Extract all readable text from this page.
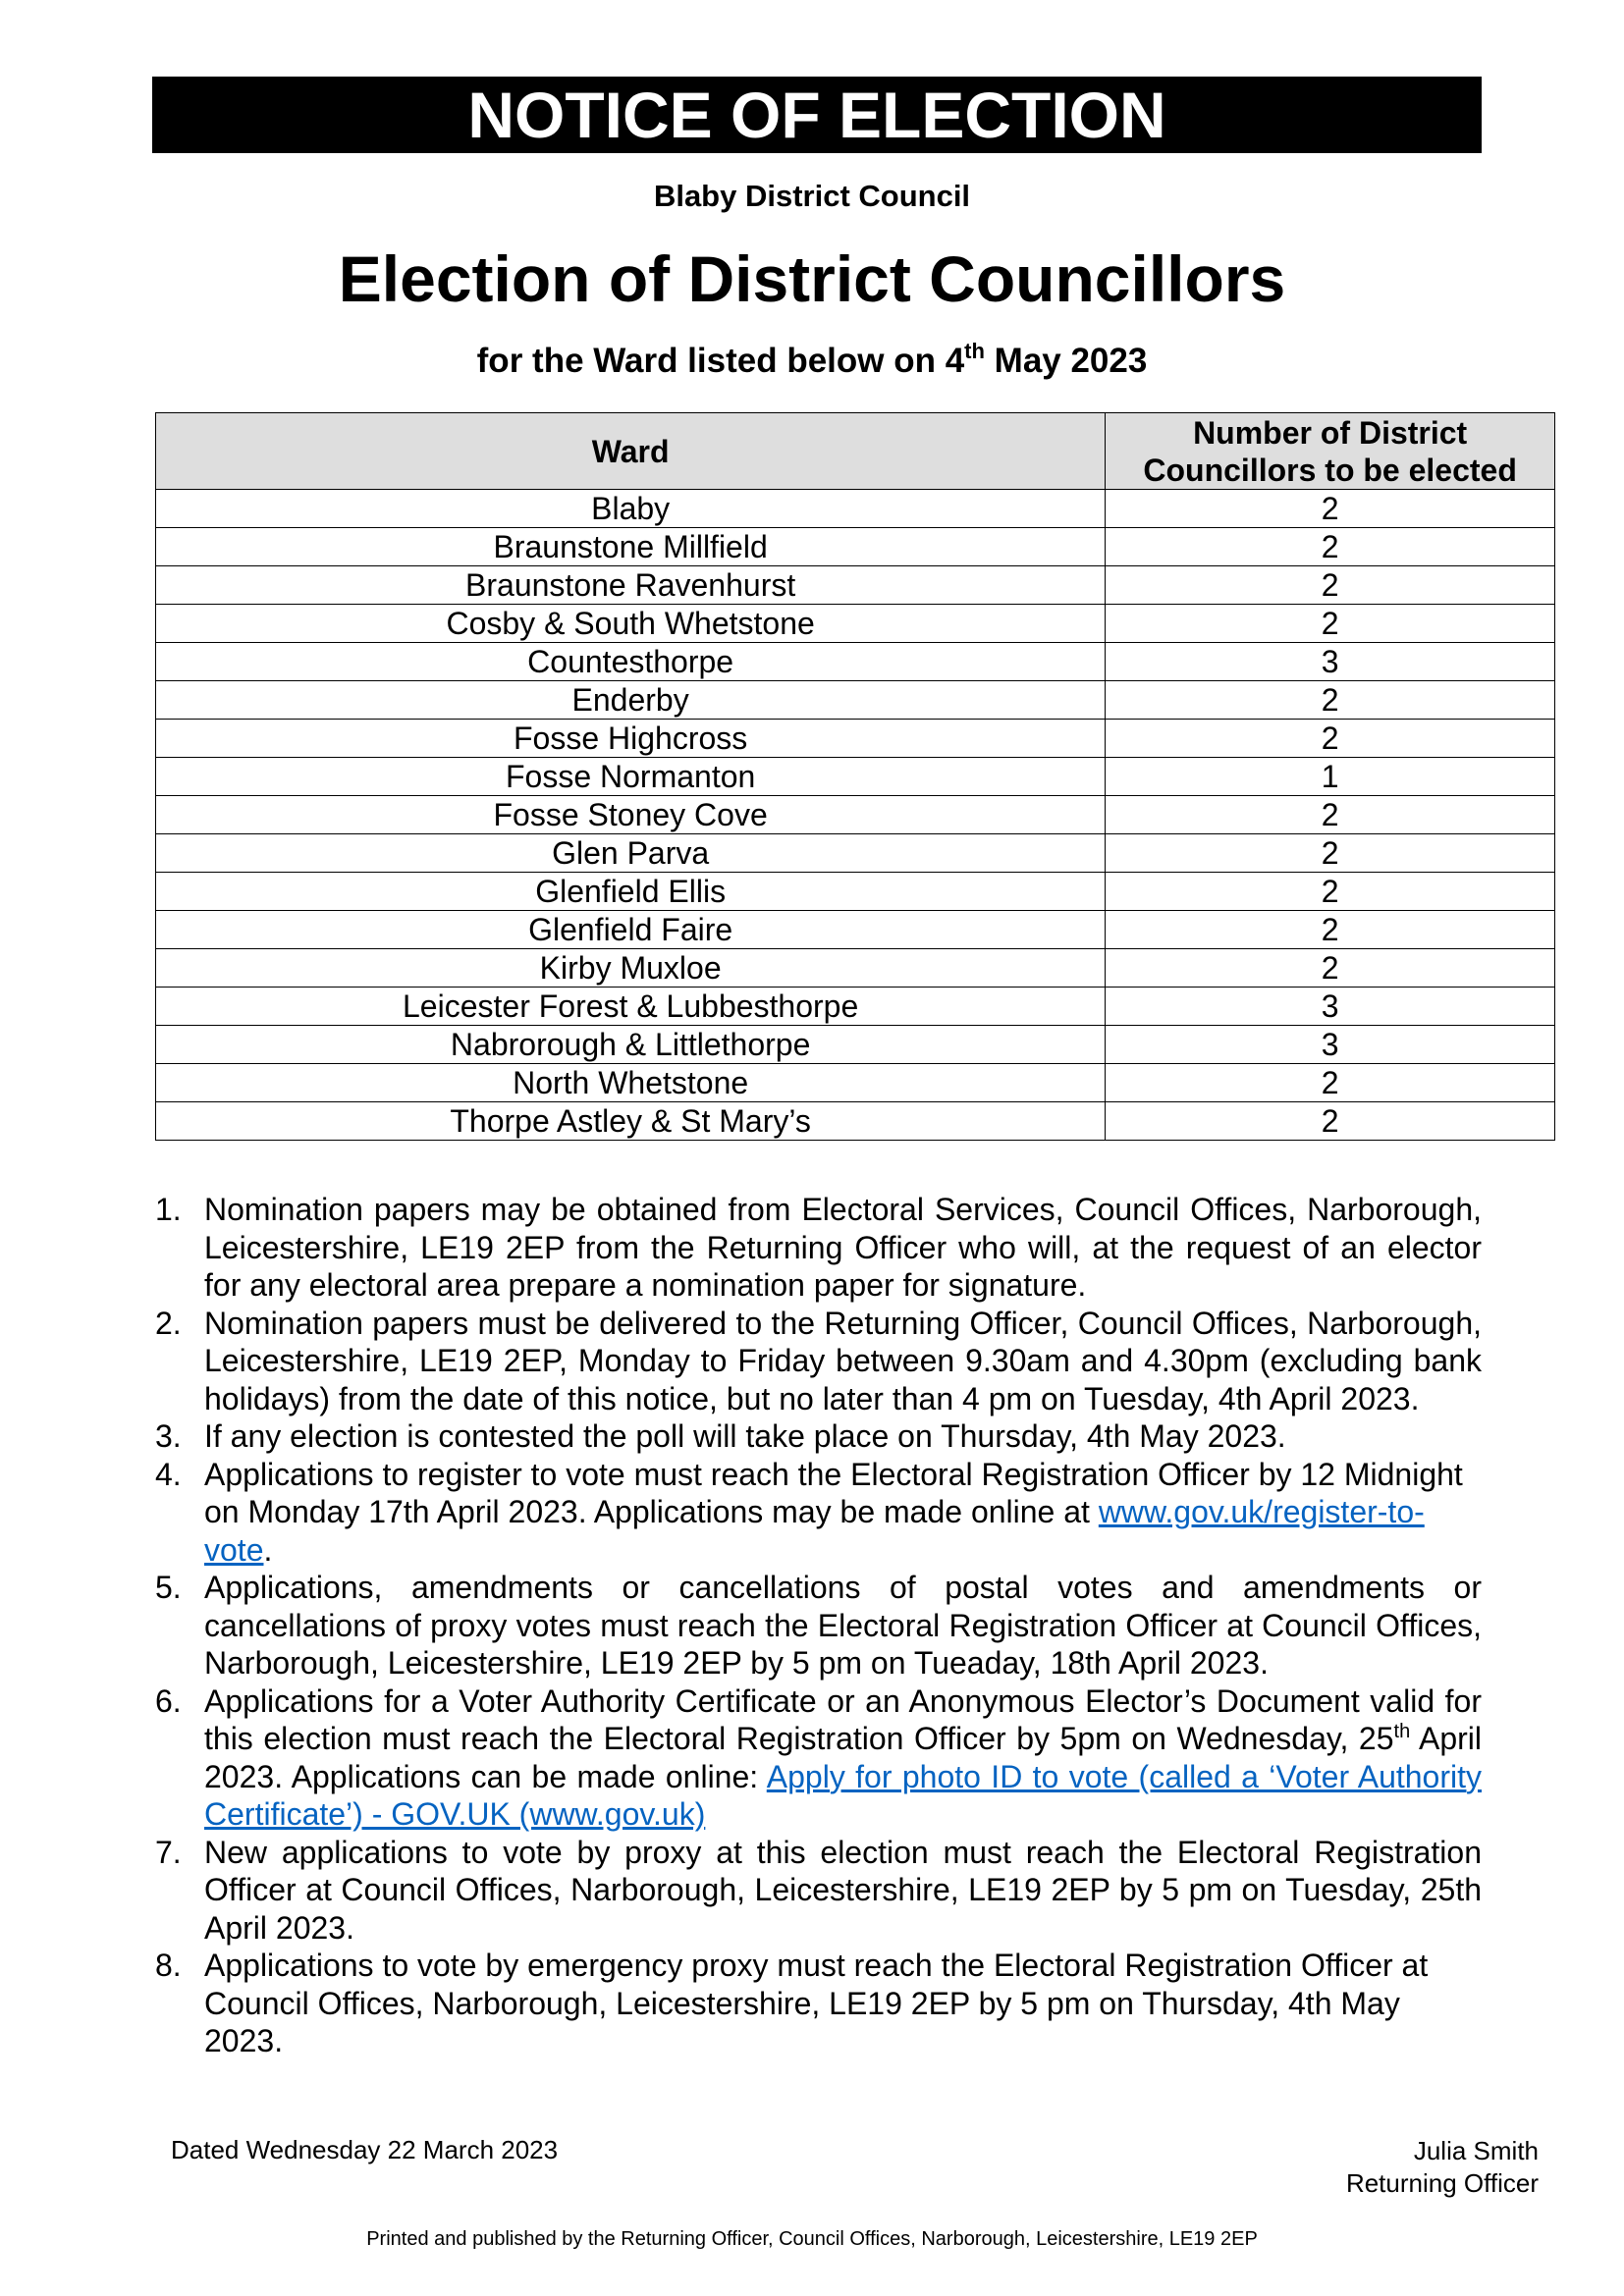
NOTICE OF ELECTION
Blaby District Council
Election of District Councillors
for the Ward listed below on 4th May 2023
Ward	Number of District Councillors to be elected
Blaby	2
Braunstone Millfield	2
Braunstone Ravenhurst	2
Cosby & South Whetstone	2
Countesthorpe	3
Enderby	2
Fosse Highcross	2
Fosse Normanton	1
Fosse Stoney Cove	2
Glen Parva	2
Glenfield Ellis	2
Glenfield Faire	2
Kirby Muxloe	2
Leicester Forest & Lubbesthorpe	3
Nabrorough & Littlethorpe	3
North Whetstone	2
Thorpe Astley & St Mary’s	2
1. Nomination papers may be obtained from Electoral Services, Council Offices, Narborough, Leicestershire, LE19 2EP from the Returning Officer who will, at the request of an elector for any electoral area prepare a nomination paper for signature.
2. Nomination papers must be delivered to the Returning Officer, Council Offices, Narborough, Leicestershire, LE19 2EP, Monday to Friday between 9.30am and 4.30pm (excluding bank holidays) from the date of this notice, but no later than 4 pm on Tuesday, 4th April 2023.
3. If any election is contested the poll will take place on Thursday, 4th May 2023.
4. Applications to register to vote must reach the Electoral Registration Officer by 12 Midnight on Monday 17th April 2023. Applications may be made online at www.gov.uk/register-to-vote.
5. Applications, amendments or cancellations of postal votes and amendments or cancellations of proxy votes must reach the Electoral Registration Officer at Council Offices, Narborough, Leicestershire, LE19 2EP by 5 pm on Tueaday, 18th April 2023.
6. Applications for a Voter Authority Certificate or an Anonymous Elector’s Document valid for this election must reach the Electoral Registration Officer by 5pm on Wednesday, 25th April 2023. Applications can be made online: Apply for photo ID to vote (called a ‘Voter Authority Certificate’) - GOV.UK (www.gov.uk)
7. New applications to vote by proxy at this election must reach the Electoral Registration Officer at Council Offices, Narborough, Leicestershire, LE19 2EP by 5 pm on Tuesday, 25th April 2023.
8. Applications to vote by emergency proxy must reach the Electoral Registration Officer at Council Offices, Narborough, Leicestershire, LE19 2EP by 5 pm on Thursday, 4th May 2023.
Dated Wednesday 22 March 2023	Julia Smith
Returning Officer
Printed and published by the Returning Officer, Council Offices, Narborough, Leicestershire, LE19 2EP
